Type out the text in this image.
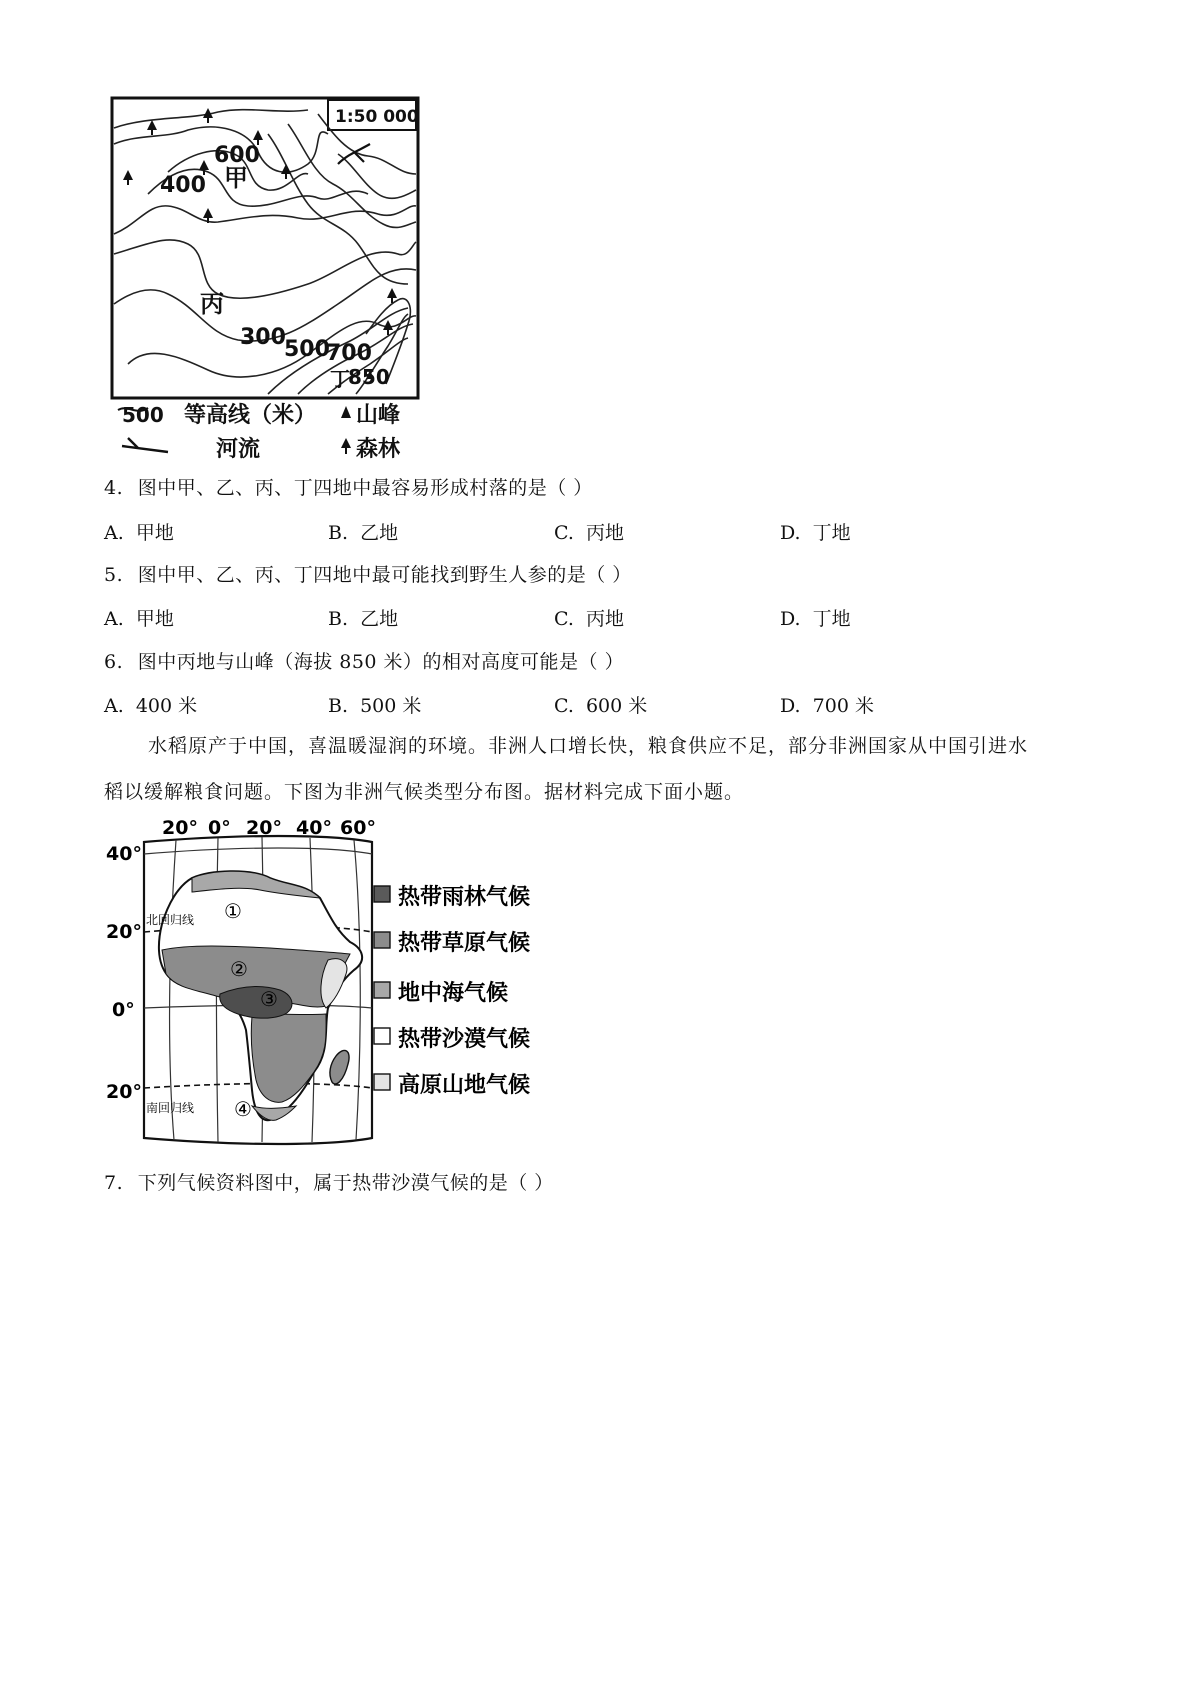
1:50 000
600
400 甲
丙
300
500
700
丁
850
500 等高线（米） 山峰
河流	森林
4. 图中甲、乙、丙、丁四地中最容易形成村落的是（ ）
A. 甲地	B. 乙地	C. 丙地	D. 丁地
5. 图中甲、乙、丙、丁四地中最可能找到野生人参的是（ ）
A. 甲地	B. 乙地	C. 丙地	D. 丁地
6. 图中丙地与山峰（海拔 850 米）的相对高度可能是（ ）
A. 400 米	B. 500 米	C. 600 米	D. 700 米
水稻原产于中国，喜温暖湿润的环境。非洲人口增长快，粮食供应不足，部分非洲国家从中国引进水
稻以缓解粮食问题。下图为非洲气候类型分布图。据材料完成下面小题。
①
②
③
④
北回归线
南回归线
20° 0° 20° 40° 60°
40°
20°
0°
20°
热带雨林气候
热带草原气候
地中海气候
热带沙漠气候
高原山地气候
7. 下列气候资料图中，属于热带沙漠气候的是（ ）
